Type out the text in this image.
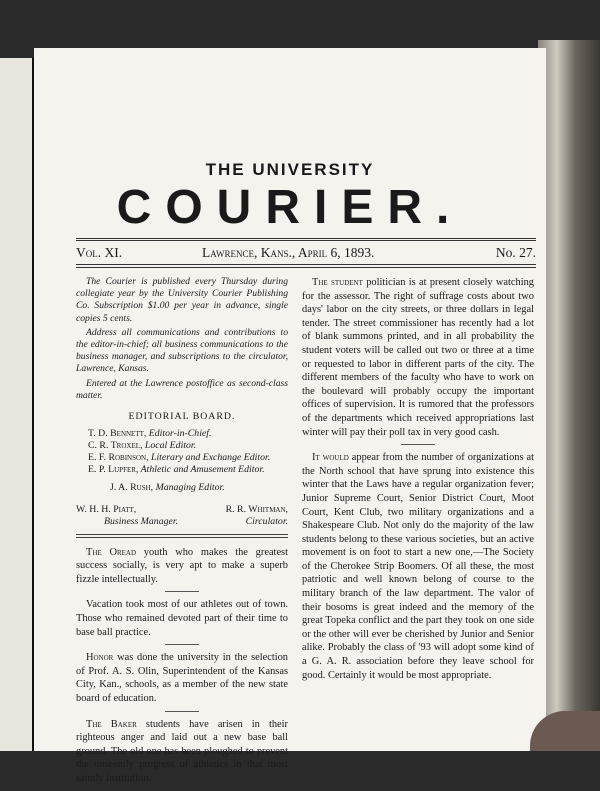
THE UNIVERSITY
COURIER.
Vol. XI.	Lawrence, Kans., April 6, 1893.	No. 27.

The Courier is published every Thursday during collegiate year by the University Courier Publishing Co. Subscription $1.00 per year in advance, single copies 5 cents.

Address all communications and contributions to the editor-in-chief; all business communications to the business manager, and subscriptions to the circulator, Lawrence, Kansas.

Entered at the Lawrence postoffice as second-class matter.

EDITORIAL BOARD.

T. D. Bennett, Editor-in-Chief.

C. R. Troxel, Local Editor.

E. F. Robinson, Literary and Exchange Editor.

E. P. Lupfer, Athletic and Amusement Editor.

J. A. Rush, Managing Editor.

W. H. H. Piatt,
Business Manager.
R. R. Whitman,
Circulator.

The Oread youth who makes the greatest success socially, is very apt to make a superb fizzle intellectually.

Vacation took most of our athletes out of town. Those who remained devoted part of their time to base ball practice.

Honor was done the university in the selection of Prof. A. S. Olin, Superintendent of the Kansas City, Kan., schools, as a member of the new state board of education.

The Baker students have arisen in their righteous anger and laid out a new base ball ground. The old one has been ploughed to prevent the unseemly progress of athletics in that most saintly institution.

The student politician is at present closely watching for the assessor. The right of suffrage costs about two days' labor on the city streets, or three dollars in legal tender. The street commissioner has recently had a lot of blank summons printed, and in all probability the student voters will be called out two or three at a time or requested to labor in different parts of the city. The different members of the faculty who have to work on the boulevard will probably occupy the important offices of supervision. It is rumored that the professors of the departments which received appropriations last winter will pay their poll tax in very good cash.

It would appear from the number of organizations at the North school that have sprung into existence this winter that the Laws have a regular organization fever; Junior Supreme Court, Senior District Court, Moot Court, Kent Club, two military organizations and a Shakespeare Club. Not only do the majority of the law students belong to these various societies, but an active movement is on foot to start a new one,—The Society of the Cherokee Strip Boomers. Of all these, the most patriotic and well known belong of course to the military branch of the law department. The valor of their bosoms is great indeed and the memory of the great Topeka conflict and the part they took on one side or the other will ever be cherished by Junior and Senior alike. Probably the class of '93 will adopt some kind of a G. A. R. association before they leave school for good. Certainly it would be most appropriate.
